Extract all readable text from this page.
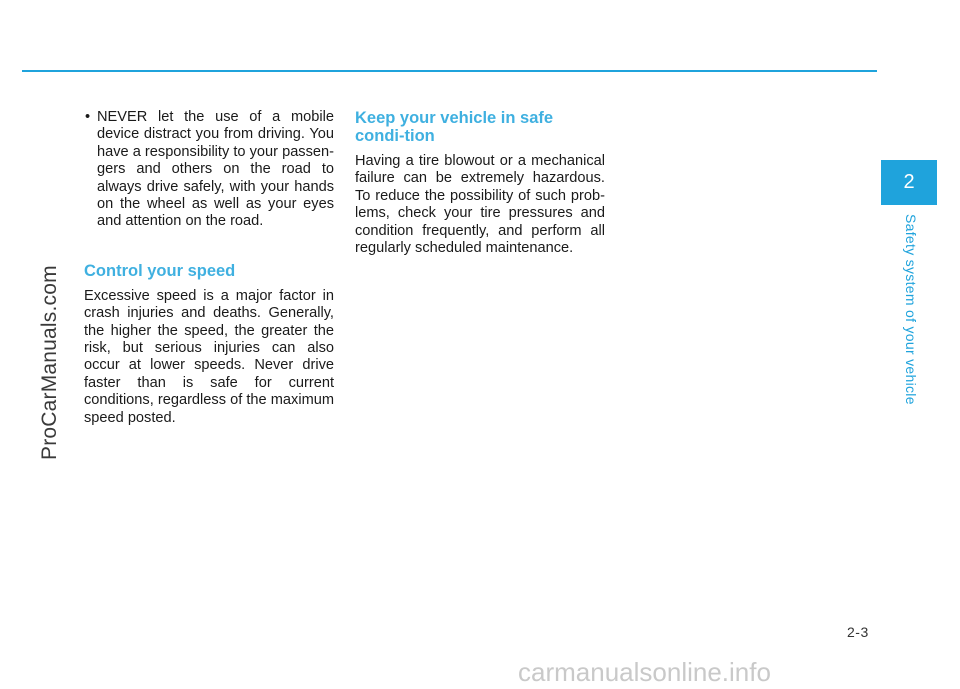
ProCarManuals.com

• NEVER let the use of a mobile device distract you from driving. You have a responsibility to your passen-gers and others on the road to always drive safely, with your hands on the wheel as well as your eyes and attention on the road.

Control your speed

Excessive speed is a major factor in crash injuries and deaths. Generally, the higher the speed, the greater the risk, but serious injuries can also occur at lower speeds. Never drive faster than is safe for current conditions, regardless of the maximum speed posted.

Keep your vehicle in safe condi-tion

Having a tire blowout or a mechanical failure can be extremely hazardous. To reduce the possibility of such prob-lems, check your tire pressures and condition frequently, and perform all regularly scheduled maintenance.

2
Safety system of your vehicle
2-3
carmanualsonline.info
